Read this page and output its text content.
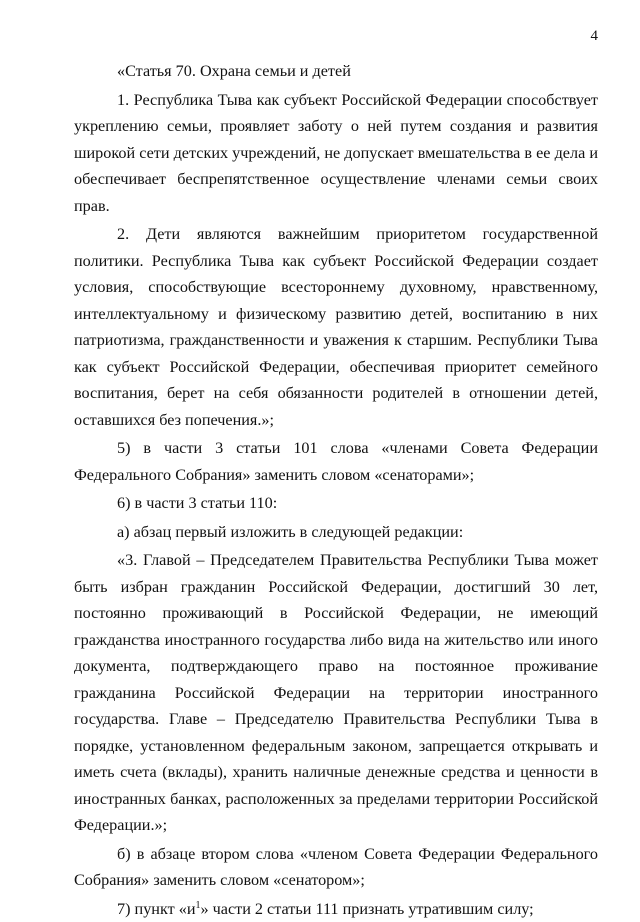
4

«Статья 70. Охрана семьи и детей

1. Республика Тыва как субъект Российской Федерации способствует укреплению семьи, проявляет заботу о ней путем создания и развития широкой сети детских учреждений, не допускает вмешательства в ее дела и обеспечивает беспрепятственное осуществление членами семьи своих прав.

2. Дети являются важнейшим приоритетом государственной политики. Республика Тыва как субъект Российской Федерации создает условия, способствующие всестороннему духовному, нравственному, интеллектуальному и физическому развитию детей, воспитанию в них патриотизма, гражданственности и уважения к старшим. Республики Тыва как субъект Российской Федерации, обеспечивая приоритет семейного воспитания, берет на себя обязанности родителей в отношении детей, оставшихся без попечения.»;

5) в части 3 статьи 101 слова «членами Совета Федерации Федерального Собрания» заменить словом «сенаторами»;

6) в части 3 статьи 110:

а) абзац первый изложить в следующей редакции:

«3. Главой – Председателем Правительства Республики Тыва может быть избран гражданин Российской Федерации, достигший 30 лет, постоянно проживающий в Российской Федерации, не имеющий гражданства иностранного государства либо вида на жительство или иного документа, подтверждающего право на постоянное проживание гражданина Российской Федерации на территории иностранного государства. Главе – Председателю Правительства Республики Тыва в порядке, установленном федеральным законом, запрещается открывать и иметь счета (вклады), хранить наличные денежные средства и ценности в иностранных банках, расположенных за пределами территории Российской Федерации.»;

б) в абзаце втором слова «членом Совета Федерации Федерального Собрания» заменить словом «сенатором»;

7) пункт «$и^1$» части 2 статьи 111 признать утратившим силу;
